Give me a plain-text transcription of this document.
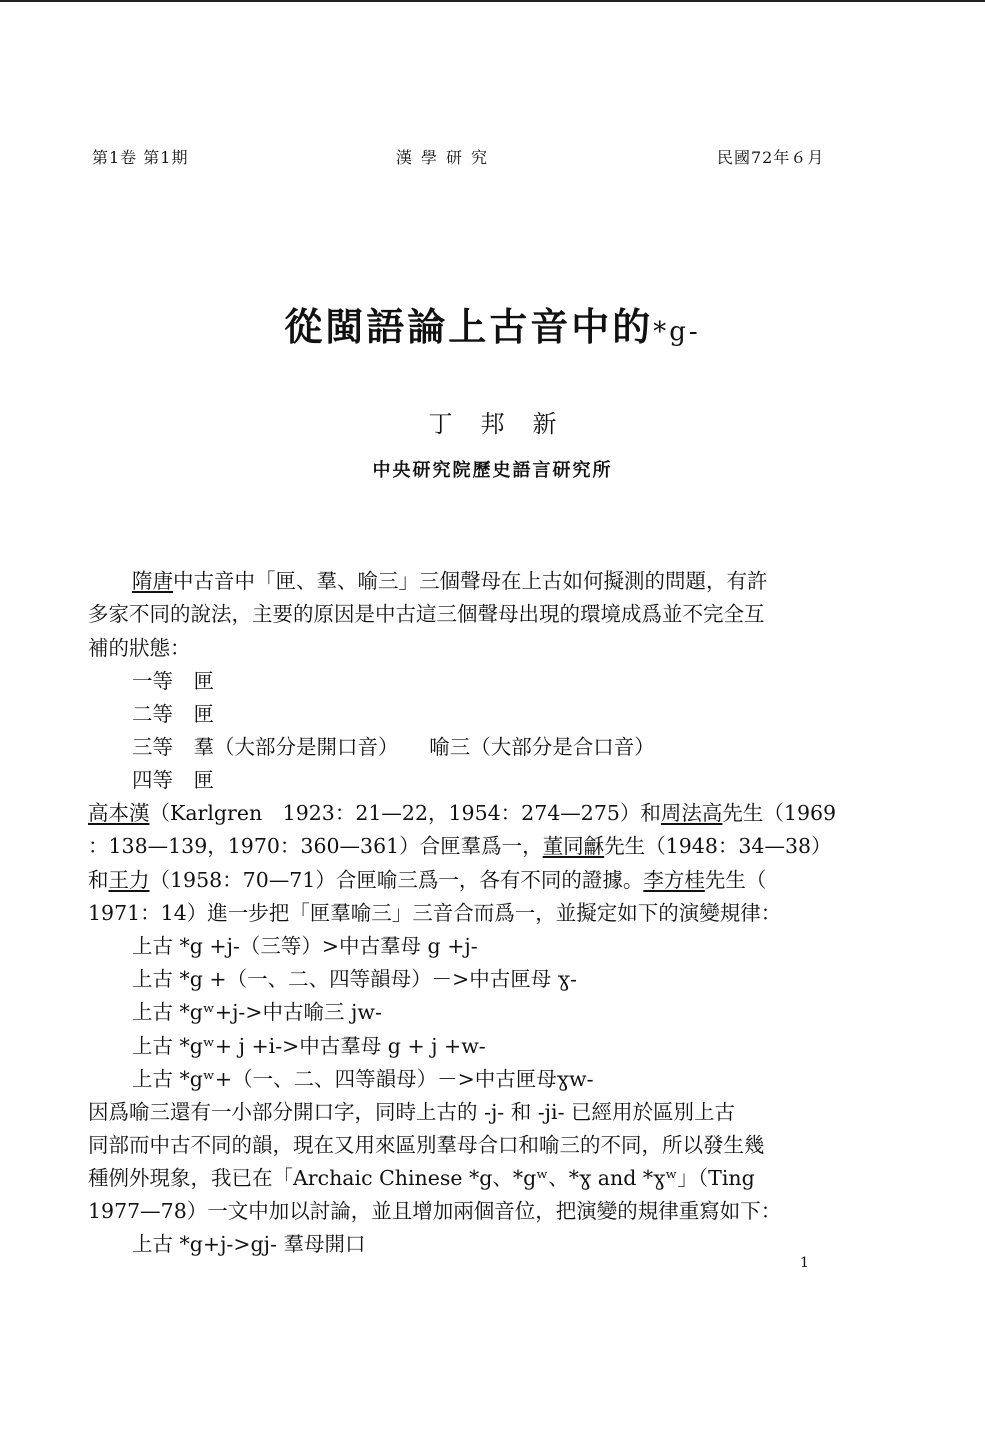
第1卷 第1期	漢學研究	民國72年６月
從閩語論上古音中的*g-
丁邦新
中央研究院歷史語言研究所
隋唐中古音中「匣、羣、喻三」三個聲母在上古如何擬測的問題，有許
多家不同的說法，主要的原因是中古這三個聲母出現的環境成爲並不完全互
補的狀態：
一等　匣
二等　匣
三等　羣（大部分是開口音）　　喻三（大部分是合口音）
四等　匣
高本漢（Karlgren　1923：21—22，1954：274—275）和周法高先生（1969
：138—139，1970：360—361）合匣羣爲一，董同龢先生（1948：34—38）
和王力（1958：70—71）合匣喻三爲一，各有不同的證據。李方桂先生（
1971：14）進一步把「匣羣喻三」三音合而爲一，並擬定如下的演變規律：
上古 *g +j-（三等）>中古羣母 g +j-
上古 *g +（一、二、四等韻母）－>中古匣母 ɣ-
上古 *gʷ+j->中古喻三 jw-
上古 *gʷ+ j +i->中古羣母 g + j +w-
上古 *gʷ+（一、二、四等韻母）－>中古匣母ɣw-
因爲喻三還有一小部分開口字，同時上古的 -j- 和 -ji- 已經用於區別上古
同部而中古不同的韻，現在又用來區別羣母合口和喻三的不同，所以發生幾
種例外現象，我已在「Archaic Chinese *g、*gʷ、*ɣ and *ɣʷ」（Ting
1977—78）一文中加以討論，並且增加兩個音位，把演變的規律重寫如下：
上古 *g+j->gj- 羣母開口
1
